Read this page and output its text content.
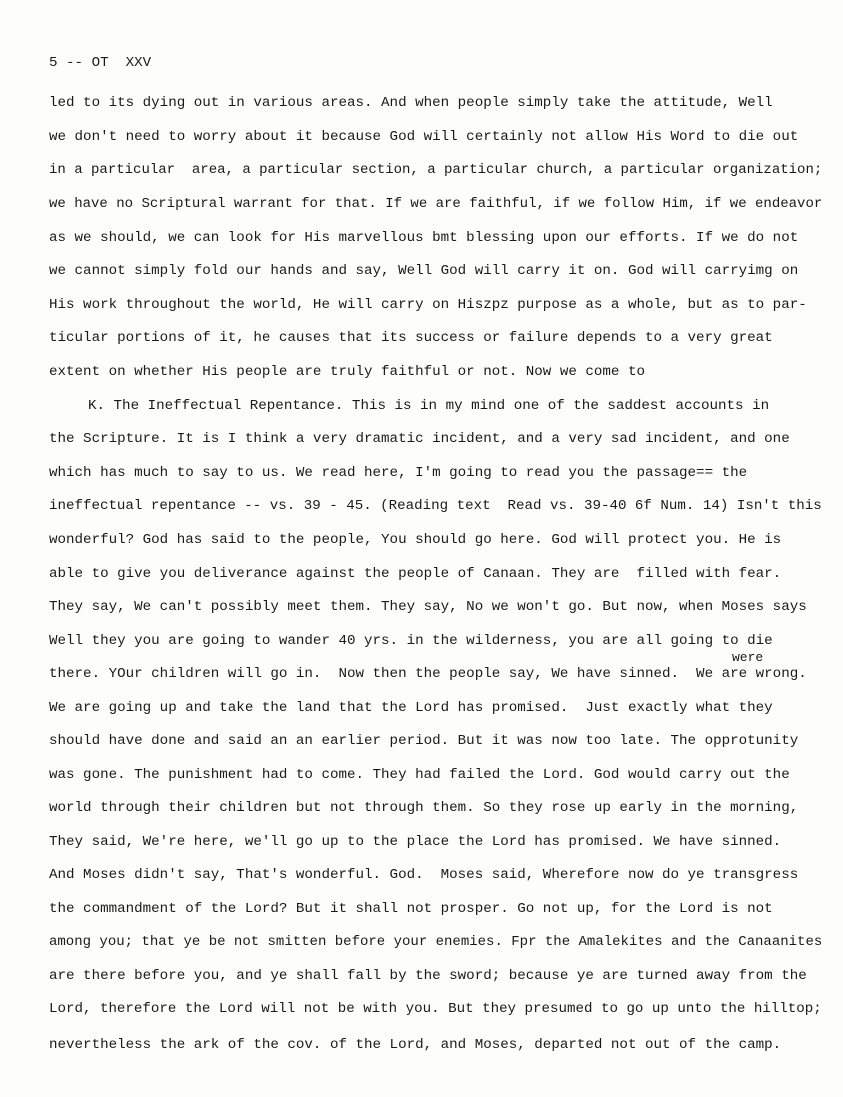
5 -- OT  XXV
led to its dying out in various areas. And when people simply take the attitude, Well
we don't need to worry about it because God will certainly not allow His Word to die out
in a particular  area, a particular section, a particular church, a particular organization;
we have no Scriptural warrant for that. If we are faithful, if we follow Him, if we endeavor
as we should, we can look for His marvellous bmt blessing upon our efforts. If we do not
we cannot simply fold our hands and say, Well God will carry it on. God will carryimg on
His work throughout the world, He will carry on Hiszpz purpose as a whole, but as to par-
ticular portions of it, he causes that its success or failure depends to a very great
extent on whether His people are truly faithful or not. Now we come to
K. The Ineffectual Repentance. This is in my mind one of the saddest accounts in
the Scripture. It is I think a very dramatic incident, and a very sad incident, and one
which has much to say to us. We read here, I'm going to read you the passage== the
ineffectual repentance -- vs. 39 - 45. (Reading text  Read vs. 39-40 6f Num. 14) Isn't this
wonderful? God has said to the people, You should go here. God will protect you. He is
able to give you deliverance against the people of Canaan. They are  filled with fear.
They say, We can't possibly meet them. They say, No we won't go. But now, when Moses says
Well they you are going to wander 40 yrs. in the wilderness, you are all going to die
were
there. YOur children will go in.  Now then the people say, We have sinned.  We are wrong.
We are going up and take the land that the Lord has promised.  Just exactly what they
should have done and said an an earlier period. But it was now too late. The opprotunity
was gone. The punishment had to come. They had failed the Lord. God would carry out the
world through their children but not through them. So they rose up early in the morning,
They said, We're here, we'll go up to the place the Lord has promised. We have sinned.
And Moses didn't say, That's wonderful. God.  Moses said, Wherefore now do ye transgress
the commandment of the Lord? But it shall not prosper. Go not up, for the Lord is not
among you; that ye be not smitten before your enemies. Fpr the Amalekites and the Canaanites
are there before you, and ye shall fall by the sword; because ye are turned away from the
Lord, therefore the Lord will not be with you. But they presumed to go up unto the hilltop;
nevertheless the ark of the cov. of the Lord, and Moses, departed not out of the camp.
